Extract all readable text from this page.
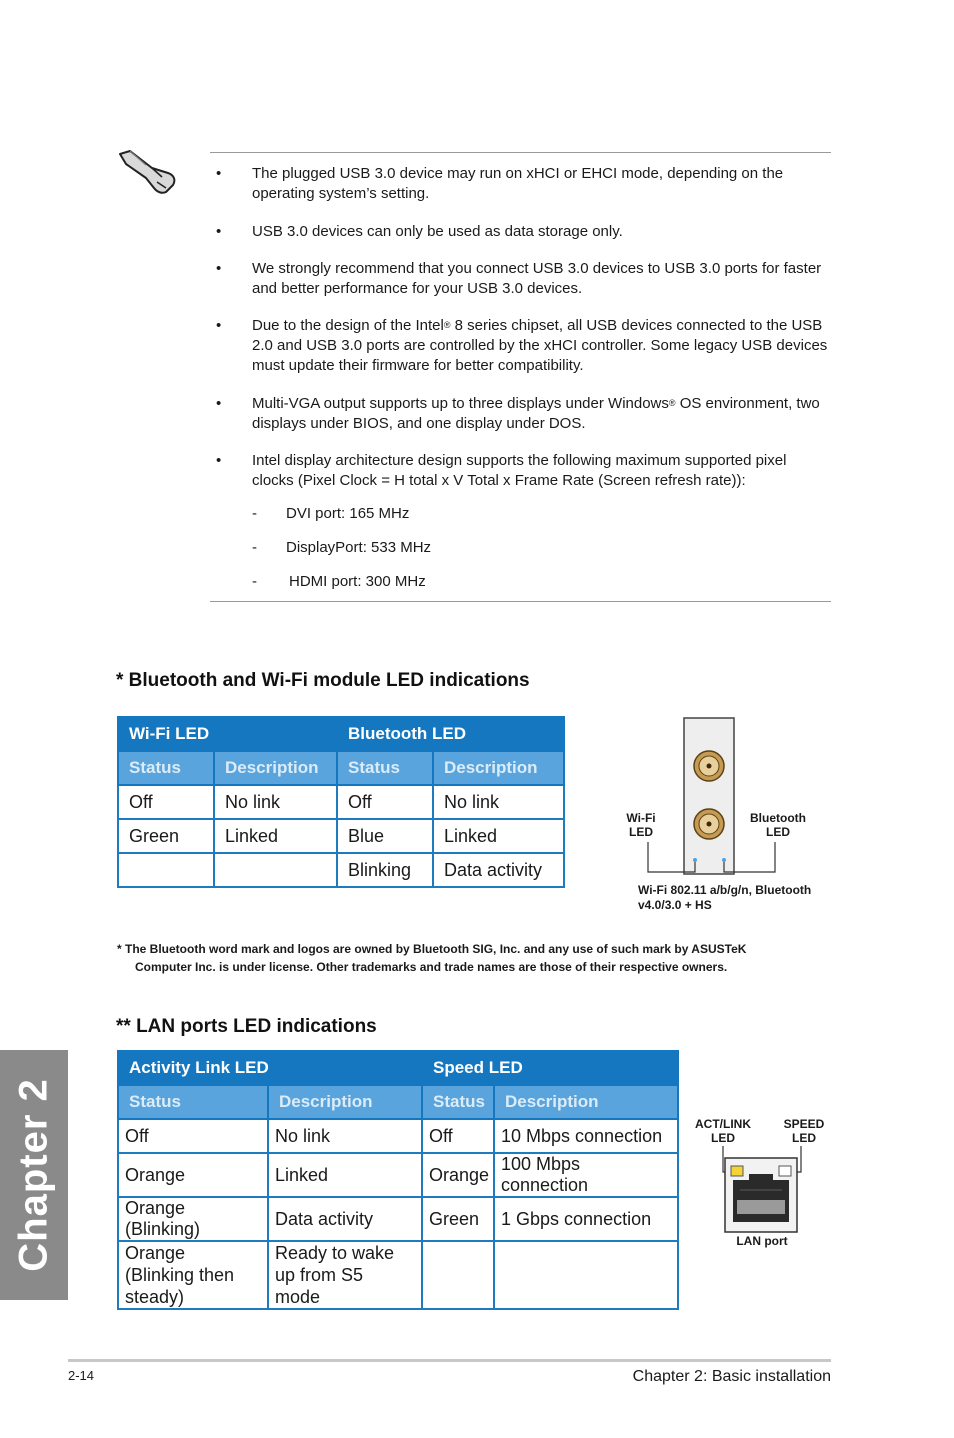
Chapter 2
• The plugged USB 3.0 device may run on xHCI or EHCI mode, depending on the operating system’s setting.
• USB 3.0 devices can only be used as data storage only.
• We strongly recommend that you connect USB 3.0 devices to USB 3.0 ports for faster and better performance for your USB 3.0 devices.
• Due to the design of the Intel® 8 series chipset, all USB devices connected to the USB 2.0 and USB 3.0 ports are controlled by the xHCI controller. Some legacy USB devices must update their firmware for better compatibility.
• Multi-VGA output supports up to three displays under Windows® OS environment, two displays under BIOS, and one display under DOS.
• Intel display architecture design supports the following maximum supported pixel clocks (Pixel Clock = H total x V Total x Frame Rate (Screen refresh rate)):
- DVI port: 165 MHz
- DisplayPort: 533 MHz
- HDMI port: 300 MHz
* Bluetooth and Wi-Fi module LED indications
Wi-Fi LED		Bluetooth LED	
Status	Description	Status	Description
Off	No link	Off	No link
Green	Linked	Blue	Linked
		Blinking	Data activity
Wi-Fi
LED
Bluetooth
LED
Wi-Fi 802.11 a/b/g/n, Bluetooth
v4.0/3.0 + HS
* The Bluetooth word mark and logos are owned by Bluetooth SIG, Inc. and any use of such mark by ASUSTeK
Computer Inc. is under license. Other trademarks and trade names are those of their respective owners.
** LAN ports LED indications
Activity Link LED		Speed LED	
Status	Description	Status	Description
Off	No link	Off	10 Mbps connection
Orange	Linked	Orange	100 Mbps connection
Orange (Blinking)	Data activity	Green	1 Gbps connection
Orange (Blinking then steady)	Ready to wake up from S5 mode		
ACT/LINK
LED
SPEED
LED
LAN port
2-14	Chapter 2: Basic installation
